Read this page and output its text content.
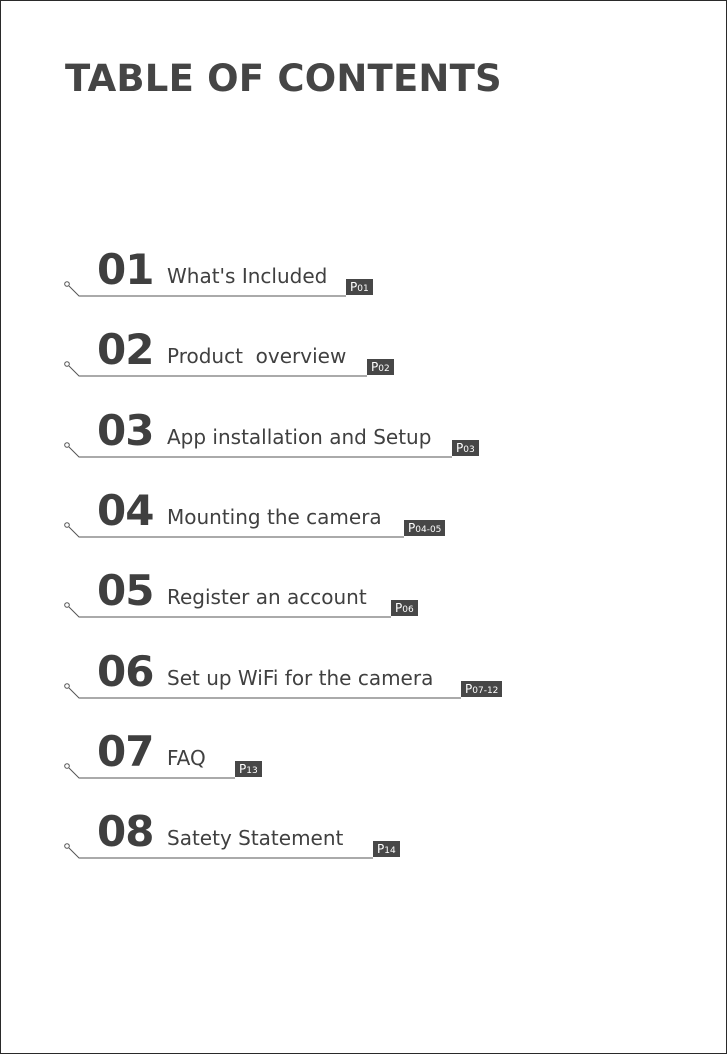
TABLE OF CONTENTS
01 What's Included	P01
02 Product  overview	P02
03 App installation and Setup	P03
04 Mounting the camera	P04-05
05 Register an account	P06
06 Set up WiFi for the camera	P07-12
07 FAQ	P13
08 Satety Statement	P14
